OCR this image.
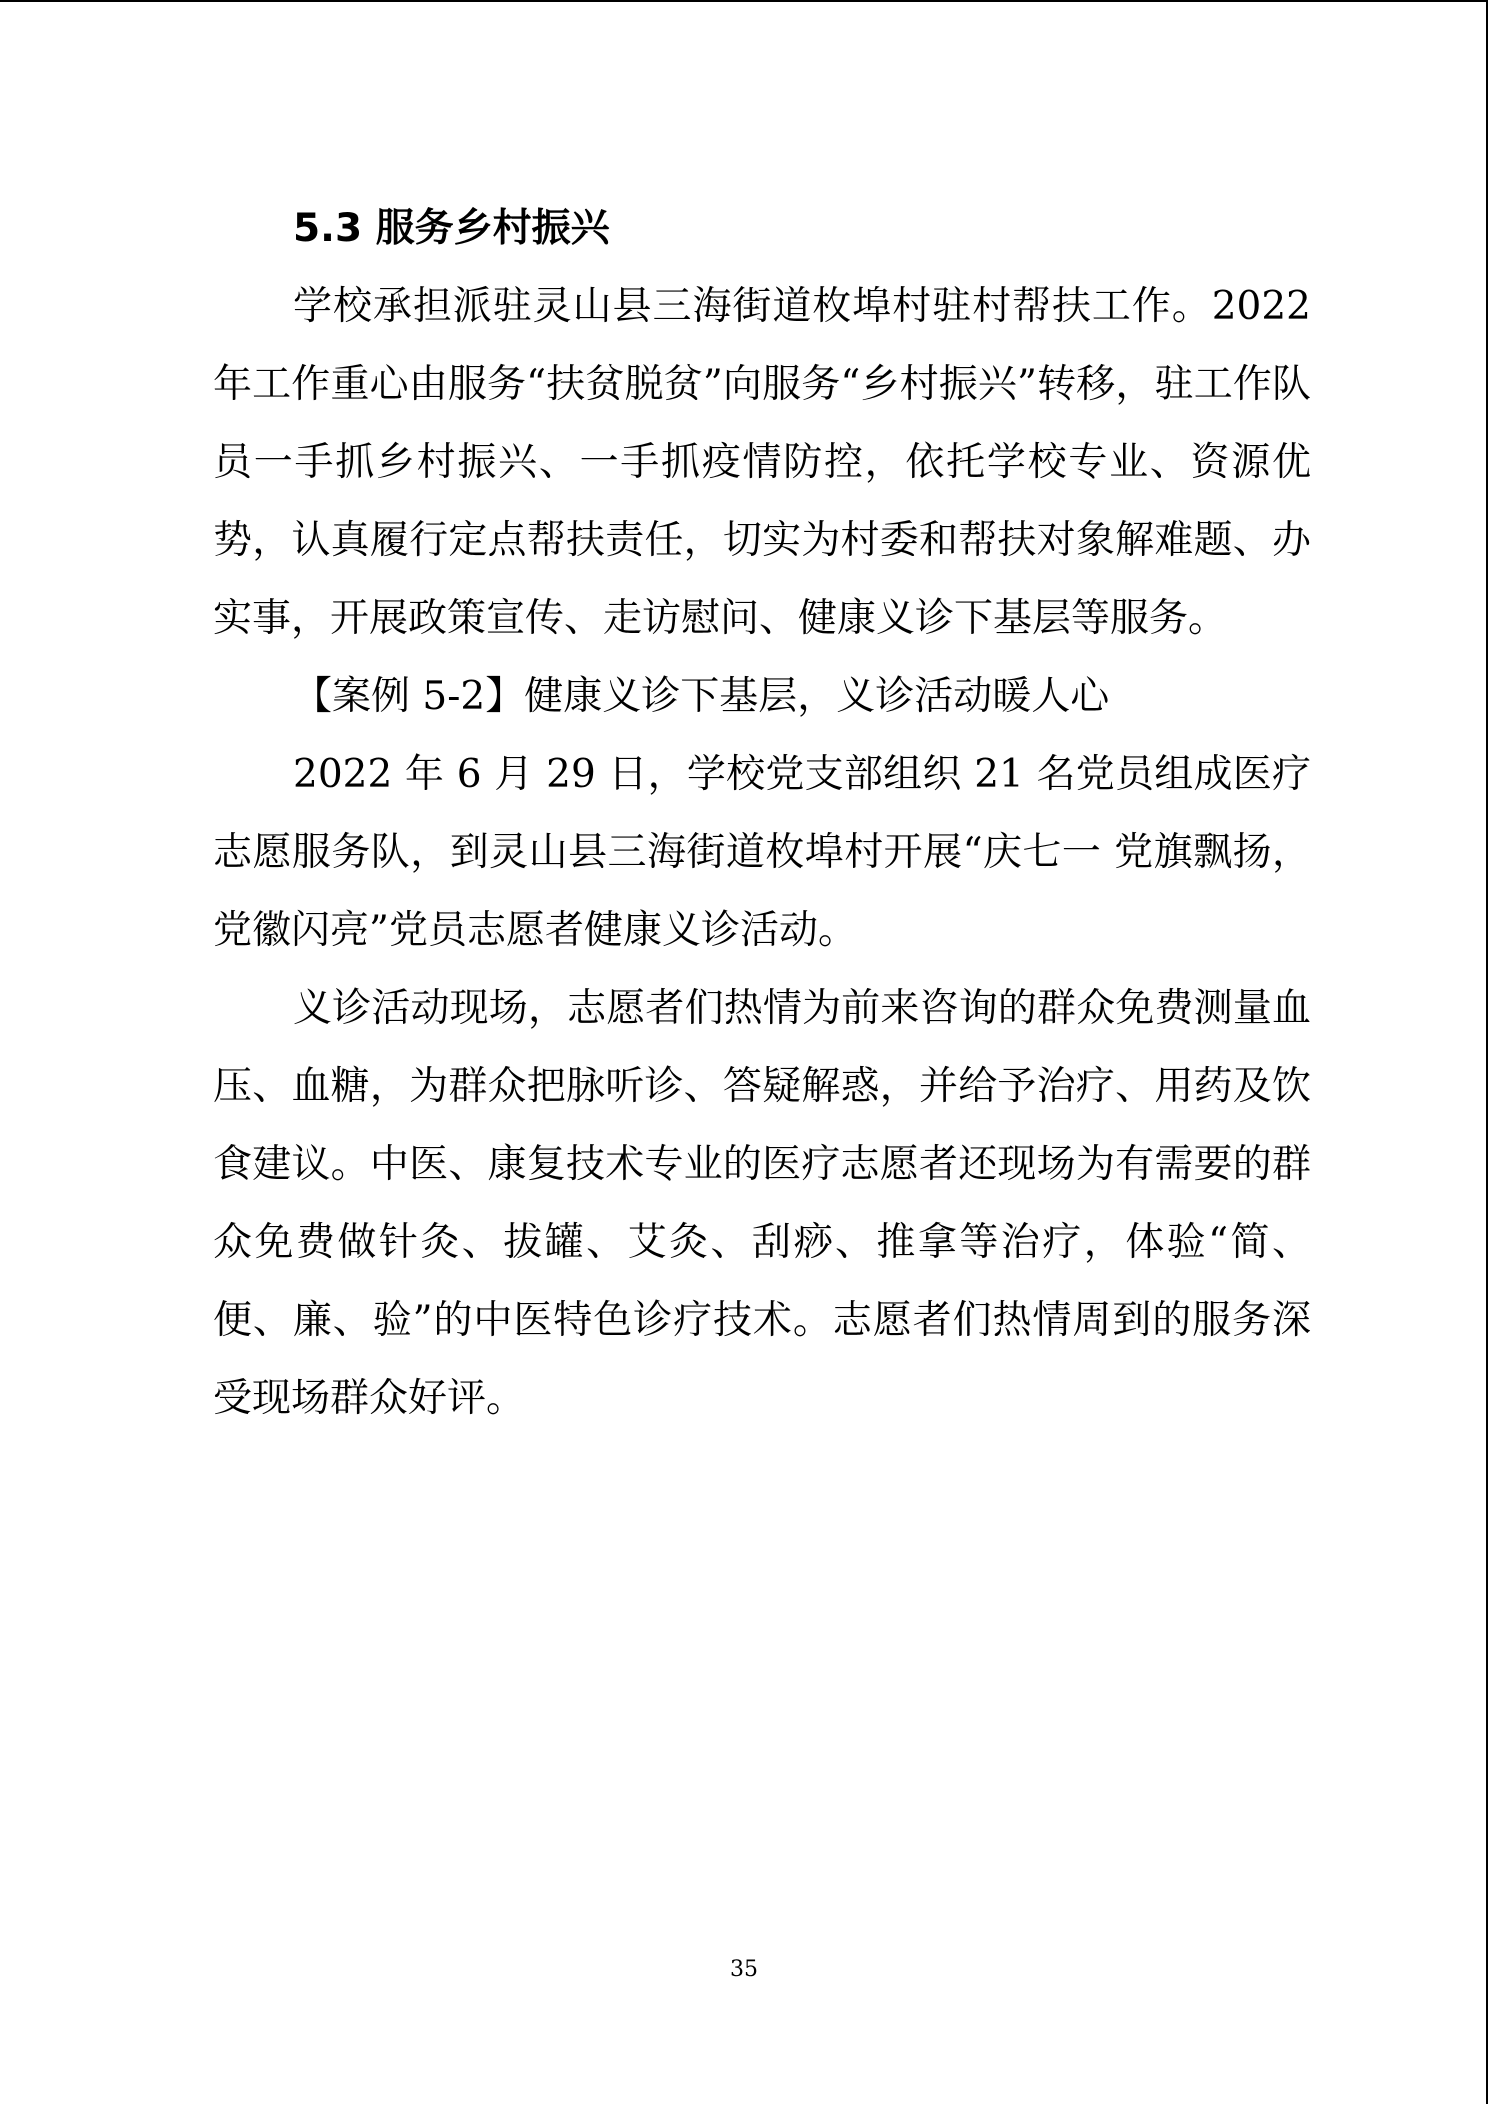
5.3 服务乡村振兴

学校承担派驻灵山县三海街道枚埠村驻村帮扶工作。2022年工作重心由服务“扶贫脱贫”向服务“乡村振兴”转移，驻工作队员一手抓乡村振兴、一手抓疫情防控，依托学校专业、资源优势，认真履行定点帮扶责任，切实为村委和帮扶对象解难题、办实事，开展政策宣传、走访慰问、健康义诊下基层等服务。

【案例 5-2】健康义诊下基层，义诊活动暖人心

2022 年 6 月 29 日，学校党支部组织 21 名党员组成医疗志愿服务队，到灵山县三海街道枚埠村开展“庆七一 党旗飘扬，党徽闪亮”党员志愿者健康义诊活动。

义诊活动现场，志愿者们热情为前来咨询的群众免费测量血压、血糖，为群众把脉听诊、答疑解惑，并给予治疗、用药及饮食建议。中医、康复技术专业的医疗志愿者还现场为有需要的群众免费做针灸、拔罐、艾灸、刮痧、推拿等治疗，体验“简、便、廉、验”的中医特色诊疗技术。志愿者们热情周到的服务深受现场群众好评。

35
